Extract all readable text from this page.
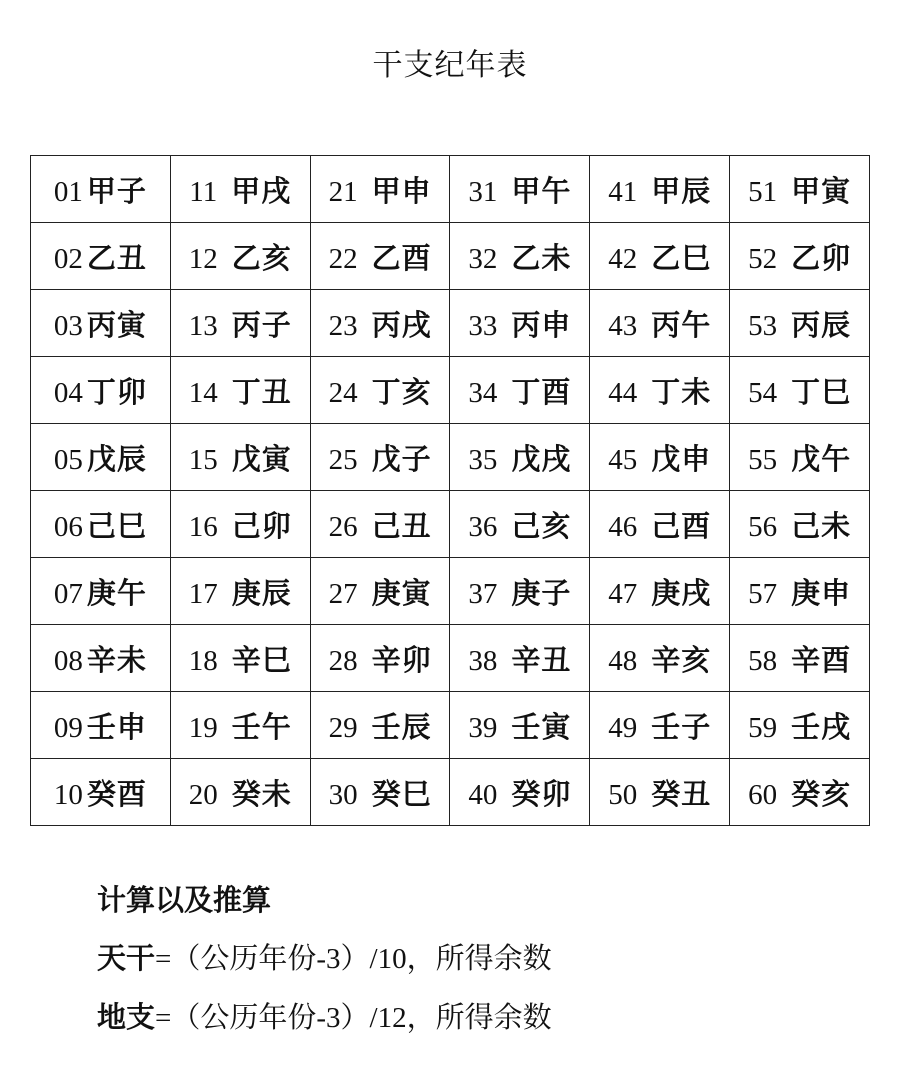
干支纪年表
01 甲子	11 甲戌	21 甲申	31 甲午	41 甲辰	51 甲寅
02 乙丑	12 乙亥	22 乙酉	32 乙未	42 乙巳	52 乙卯
03 丙寅	13 丙子	23 丙戌	33 丙申	43 丙午	53 丙辰
04 丁卯	14 丁丑	24 丁亥	34 丁酉	44 丁未	54 丁巳
05 戊辰	15 戊寅	25 戊子	35 戊戌	45 戊申	55 戊午
06 己巳	16 己卯	26 己丑	36 己亥	46 己酉	56 己未
07 庚午	17 庚辰	27 庚寅	37 庚子	47 庚戌	57 庚申
08 辛未	18 辛巳	28 辛卯	38 辛丑	48 辛亥	58 辛酉
09 壬申	19 壬午	29 壬辰	39 壬寅	49 壬子	59 壬戌
10 癸酉	20 癸未	30 癸巳	40 癸卯	50 癸丑	60 癸亥
计算以及推算
天干=（公历年份-3）/10，所得余数
地支=（公历年份-3）/12，所得余数
